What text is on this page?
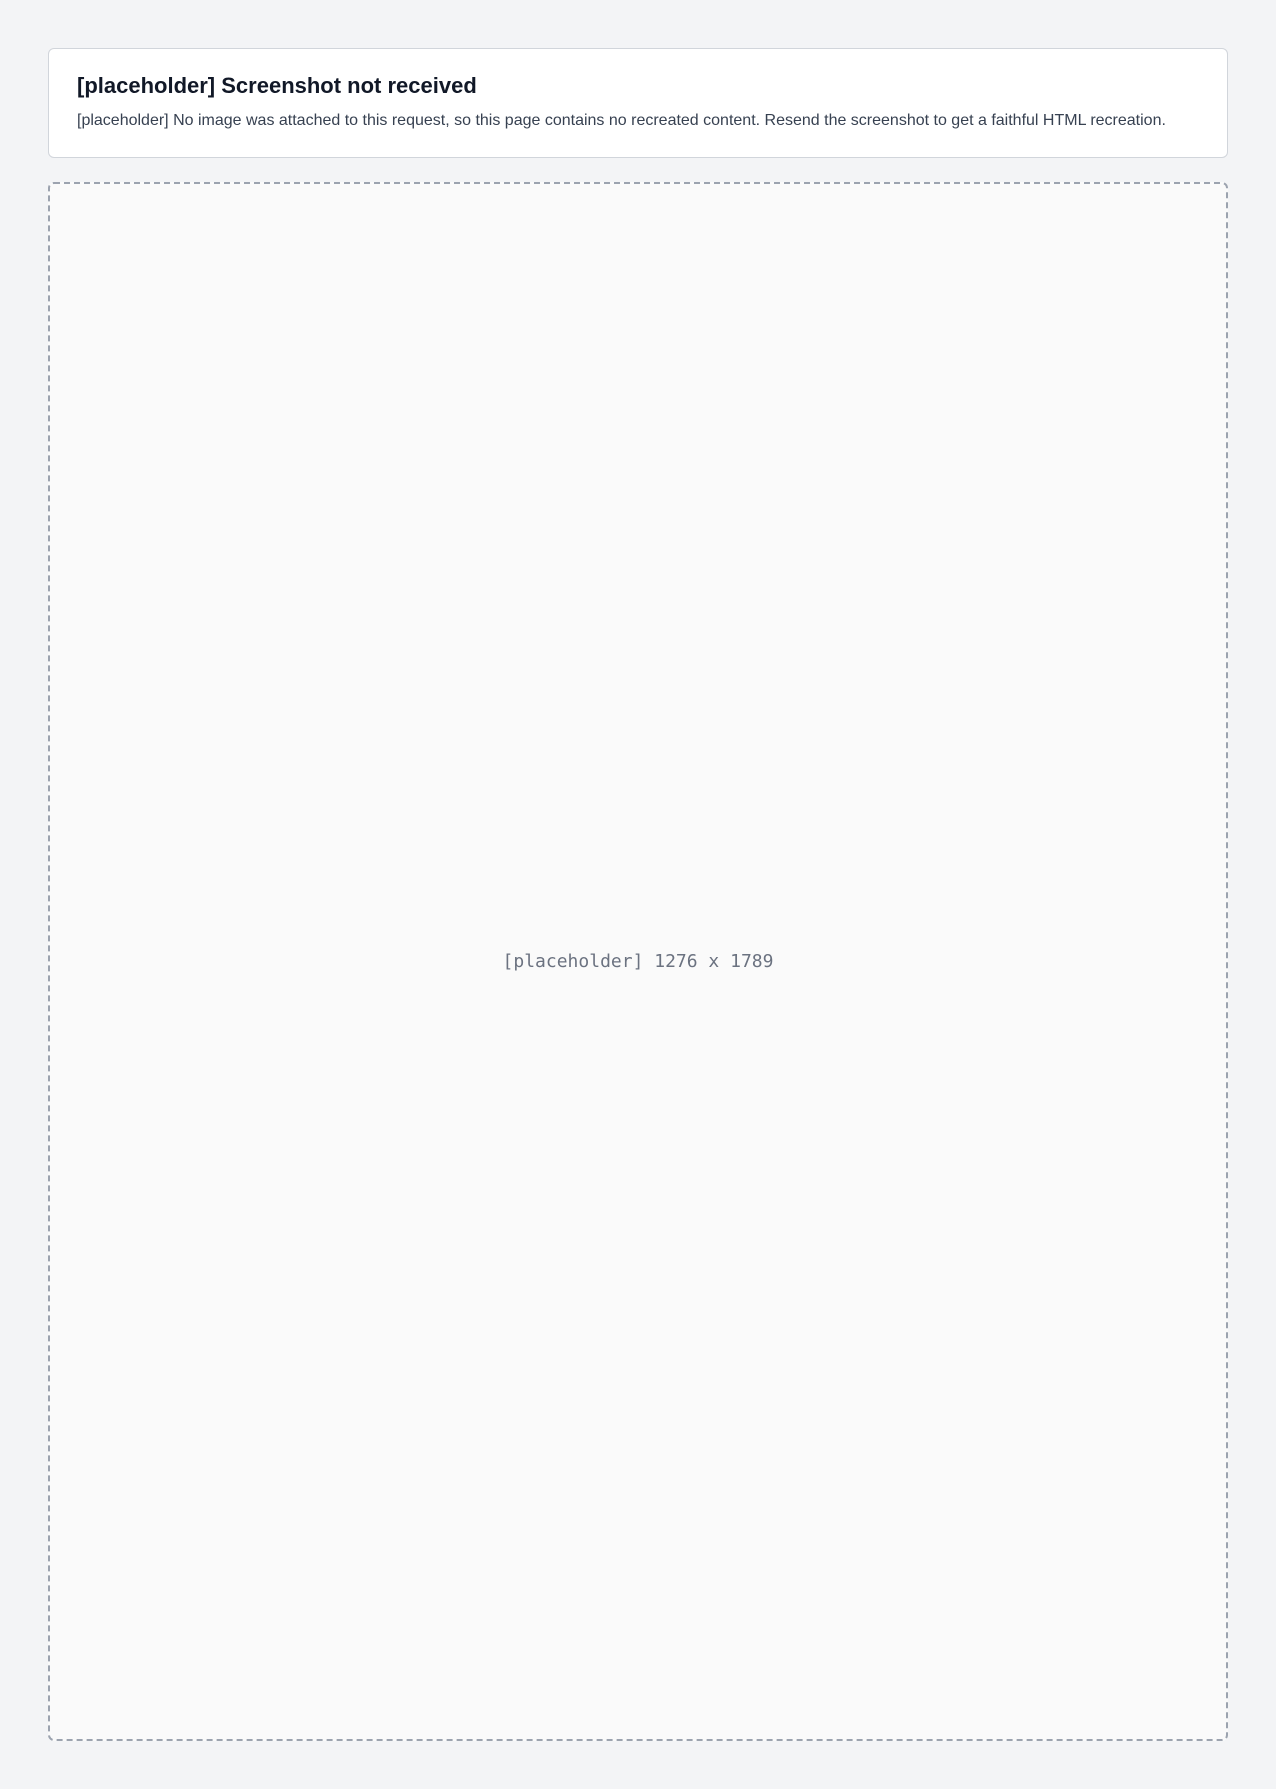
[placeholder] Screenshot not received

[placeholder] No image was attached to this request, so this page contains no recreated content. Resend the screenshot to get a faithful HTML recreation.

[placeholder] 1276 x 1789
